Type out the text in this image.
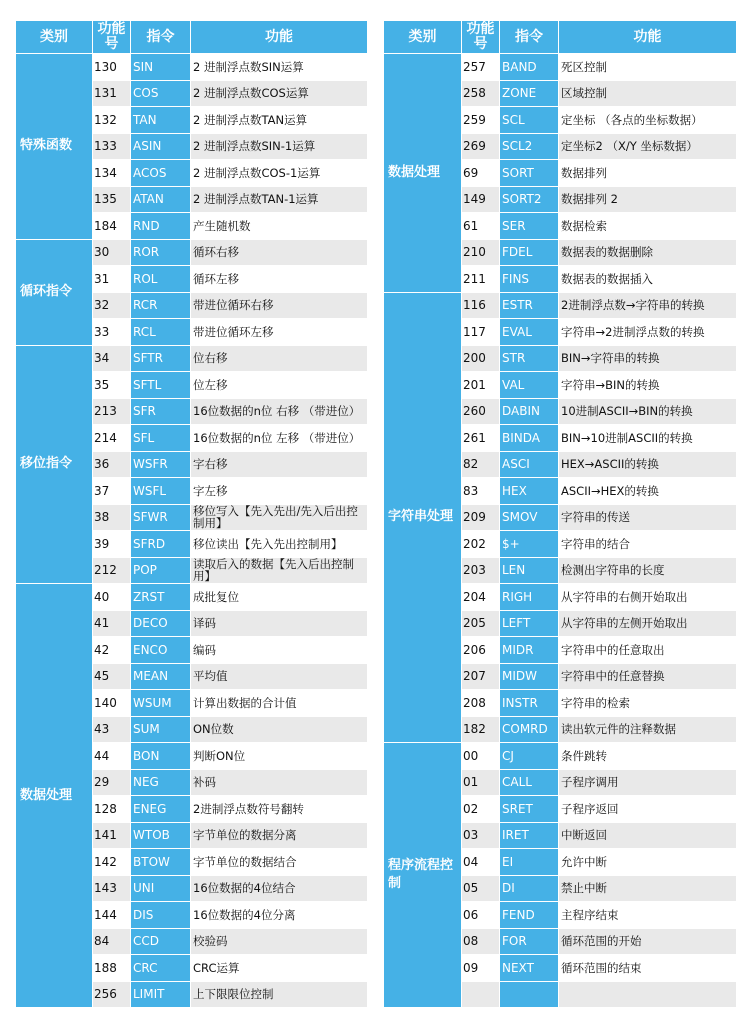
类别	功能号	指令	功能
特殊函数	130	SIN	2 进制浮点数SIN运算
	131	COS	2 进制浮点数COS运算
	132	TAN	2 进制浮点数TAN运算
	133	ASIN	2 进制浮点数SIN-1运算
	134	ACOS	2 进制浮点数COS-1运算
	135	ATAN	2 进制浮点数TAN-1运算
	184	RND	产生随机数
循环指令	30	ROR	循环右移
	31	ROL	循环左移
	32	RCR	带进位循环右移
	33	RCL	带进位循环左移
移位指令	34	SFTR	位右移
	35	SFTL	位左移
	213	SFR	16位数据的n位 右移 （带进位）
	214	SFL	16位数据的n位 左移 （带进位）
	36	WSFR	字右移
	37	WSFL	字左移
	38	SFWR	移位写入【先入先出/先入后出控制用】
	39	SFRD	移位读出【先入先出控制用】
	212	POP	读取后入的数据【先入后出控制用】
数据处理	40	ZRST	成批复位
	41	DECO	译码
	42	ENCO	编码
	45	MEAN	平均值
	140	WSUM	计算出数据的合计值
	43	SUM	ON位数
	44	BON	判断ON位
	29	NEG	补码
	128	ENEG	2进制浮点数符号翻转
	141	WTOB	字节单位的数据分离
	142	BTOW	字节单位的数据结合
	143	UNI	16位数据的4位结合
	144	DIS	16位数据的4位分离
	84	CCD	校验码
	188	CRC	CRC运算
	256	LIMIT	上下限限位控制
类别	功能号	指令	功能
数据处理	257	BAND	死区控制
	258	ZONE	区域控制
	259	SCL	定坐标 （各点的坐标数据）
	269	SCL2	定坐标2 （X/Y 坐标数据）
	69	SORT	数据排列
	149	SORT2	数据排列 2
	61	SER	数据检索
	210	FDEL	数据表的数据删除
	211	FINS	数据表的数据插入
字符串处理	116	ESTR	2进制浮点数→字符串的转换
	117	EVAL	字符串→2进制浮点数的转换
	200	STR	BIN→字符串的转换
	201	VAL	字符串→BIN的转换
	260	DABIN	10进制ASCII→BIN的转换
	261	BINDA	BIN→10进制ASCII的转换
	82	ASCI	HEX→ASCII的转换
	83	HEX	ASCII→HEX的转换
	209	SMOV	字符串的传送
	202	$+	字符串的结合
	203	LEN	检测出字符串的长度
	204	RIGH	从字符串的右侧开始取出
	205	LEFT	从字符串的左侧开始取出
	206	MIDR	字符串中的任意取出
	207	MIDW	字符串中的任意替换
	208	INSTR	字符串的检索
	182	COMRD	读出软元件的注释数据
程序流程控制	00	CJ	条件跳转
	01	CALL	子程序调用
	02	SRET	子程序返回
	03	IRET	中断返回
	04	EI	允许中断
	05	DI	禁止中断
	06	FEND	主程序结束
	08	FOR	循环范围的开始
	09	NEXT	循环范围的结束
